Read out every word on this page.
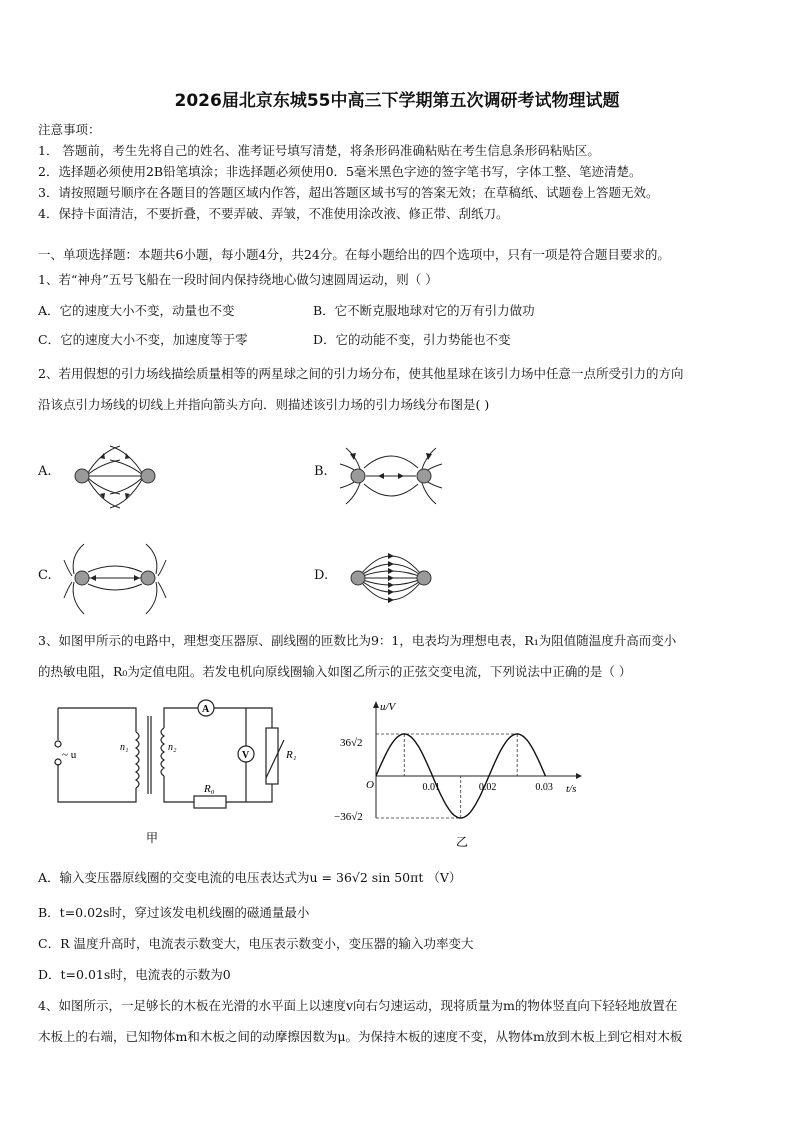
2026届北京东城55中高三下学期第五次调研考试物理试题
注意事项：
1． 答题前，考生先将自己的姓名、准考证号填写清楚，将条形码准确粘贴在考生信息条形码粘贴区。
2．选择题必须使用2B铅笔填涂；非选择题必须使用0．5毫米黑色字迹的签字笔书写，字体工整、笔迹清楚。
3．请按照题号顺序在各题目的答题区域内作答，超出答题区域书写的答案无效；在草稿纸、试题卷上答题无效。
4．保持卡面清洁，不要折叠，不要弄破、弄皱，不准使用涂改液、修正带、刮纸刀。
一、单项选择题：本题共6小题，每小题4分，共24分。在每小题给出的四个选项中，只有一项是符合题目要求的。
1、若“神舟”五号飞船在一段时间内保持绕地心做匀速圆周运动，则（ ）
A．它的速度大小不变，动量也不变	B．它不断克服地球对它的万有引力做功
C．它的速度大小不变，加速度等于零	D．它的动能不变，引力势能也不变
2、若用假想的引力场线描绘质量相等的两星球之间的引力场分布，使其他星球在该引力场中任意一点所受引力的方向
沿该点引力场线的切线上并指向箭头方向．则描述该引力场的引力场线分布图是( )
A.	B.
C.	D.
3、如图甲所示的电路中，理想变压器原、副线圈的匝数比为9：1，电表均为理想电表，R₁为阻值随温度升高而变小
的热敏电阻，R₀为定值电阻。若发电机向原线圈输入如图乙所示的正弦交变电流，下列说法中正确的是（ ）
~ u
n₁	n₂
A
V	R₁
R₀
甲
u/V
t/s
O
36√2
−36√2
0.01	0.02	0.03
乙
A．输入变压器原线圈的交变电流的电压表达式为u = 36√2 sin 50πt （V）
B．t=0.02s时，穿过该发电机线圈的磁通量最小
C．R 温度升高时，电流表示数变大，电压表示数变小，变压器的输入功率变大
D．t=0.01s时，电流表的示数为0
4、如图所示，一足够长的木板在光滑的水平面上以速度v向右匀速运动，现将质量为m的物体竖直向下轻轻地放置在
木板上的右端，已知物体m和木板之间的动摩擦因数为μ。为保持木板的速度不变，从物体m放到木板上到它相对木板
